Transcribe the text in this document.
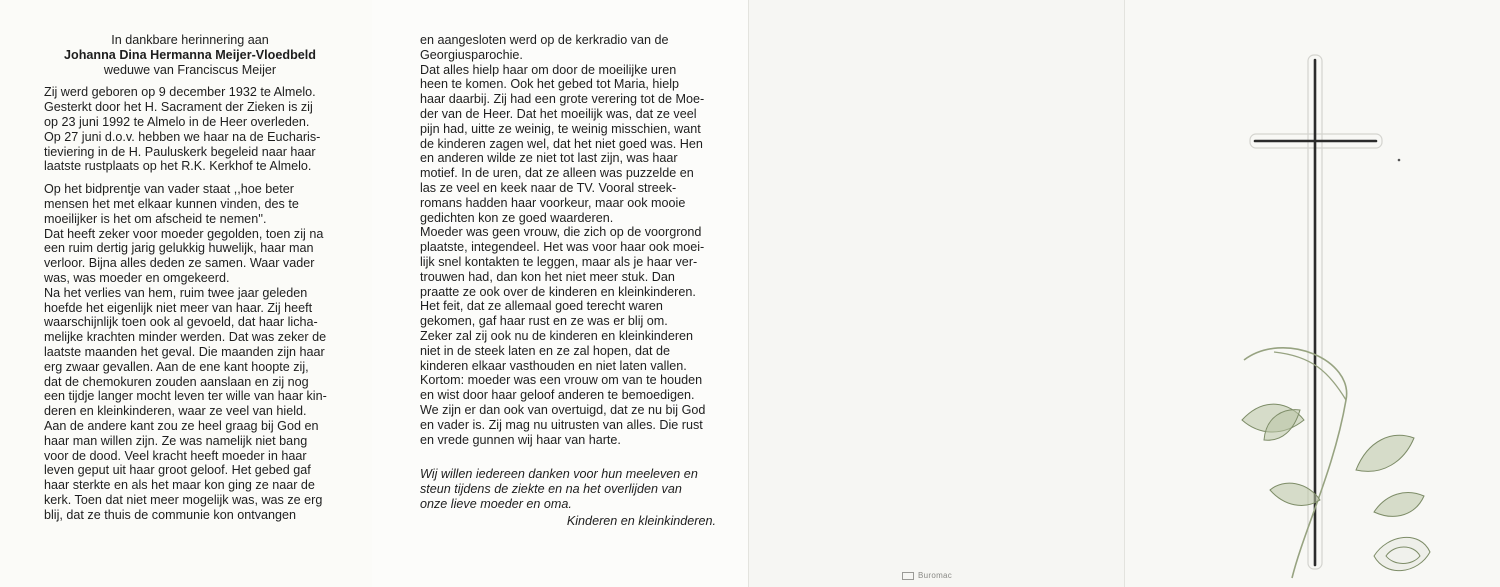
In dankbare herinnering aan
Johanna Dina Hermanna Meijer-Vloedbeld
weduwe van Franciscus Meijer
Zij werd geboren op 9 december 1932 te Almelo.
Gesterkt door het H. Sacrament der Zieken is zij
op 23 juni 1992 te Almelo in de Heer overleden.
Op 27 juni d.o.v. hebben we haar na de Eucharis-
tieviering in de H. Pauluskerk begeleid naar haar
laatste rustplaats op het R.K. Kerkhof te Almelo.
Op het bidprentje van vader staat ,,hoe beter
mensen het met elkaar kunnen vinden, des te
moeilijker is het om afscheid te nemen''.
Dat heeft zeker voor moeder gegolden, toen zij na
een ruim dertig jarig gelukkig huwelijk, haar man
verloor. Bijna alles deden ze samen. Waar vader
was, was moeder en omgekeerd.
Na het verlies van hem, ruim twee jaar geleden
hoefde het eigenlijk niet meer van haar. Zij heeft
waarschijnlijk toen ook al gevoeld, dat haar licha-
melijke krachten minder werden. Dat was zeker de
laatste maanden het geval. Die maanden zijn haar
erg zwaar gevallen. Aan de ene kant hoopte zij,
dat de chemokuren zouden aanslaan en zij nog
een tijdje langer mocht leven ter wille van haar kin-
deren en kleinkinderen, waar ze veel van hield.
Aan de andere kant zou ze heel graag bij God en
haar man willen zijn. Ze was namelijk niet bang
voor de dood. Veel kracht heeft moeder in haar
leven geput uit haar groot geloof. Het gebed gaf
haar sterkte en als het maar kon ging ze naar de
kerk. Toen dat niet meer mogelijk was, was ze erg
blij, dat ze thuis de communie kon ontvangen
en aangesloten werd op de kerkradio van de
Georgiusparochie.
Dat alles hielp haar om door de moeilijke uren
heen te komen. Ook het gebed tot Maria, hielp
haar daarbij. Zij had een grote verering tot de Moe-
der van de Heer. Dat het moeilijk was, dat ze veel
pijn had, uitte ze weinig, te weinig misschien, want
de kinderen zagen wel, dat het niet goed was. Hen
en anderen wilde ze niet tot last zijn, was haar
motief. In de uren, dat ze alleen was puzzelde en
las ze veel en keek naar de TV. Vooral streek-
romans hadden haar voorkeur, maar ook mooie
gedichten kon ze goed waarderen.
Moeder was geen vrouw, die zich op de voorgrond
plaatste, integendeel. Het was voor haar ook moei-
lijk snel kontakten te leggen, maar als je haar ver-
trouwen had, dan kon het niet meer stuk. Dan
praatte ze ook over de kinderen en kleinkinderen.
Het feit, dat ze allemaal goed terecht waren
gekomen, gaf haar rust en ze was er blij om.
Zeker zal zij ook nu de kinderen en kleinkinderen
niet in de steek laten en ze zal hopen, dat de
kinderen elkaar vasthouden en niet laten vallen.
Kortom: moeder was een vrouw om van te houden
en wist door haar geloof anderen te bemoedigen.
We zijn er dan ook van overtuigd, dat ze nu bij God
en vader is. Zij mag nu uitrusten van alles. Die rust
en vrede gunnen wij haar van harte.
Wij willen iedereen danken voor hun meeleven en
steun tijdens de ziekte en na het overlijden van
onze lieve moeder en oma.
Kinderen en kleinkinderen.
Buromac
